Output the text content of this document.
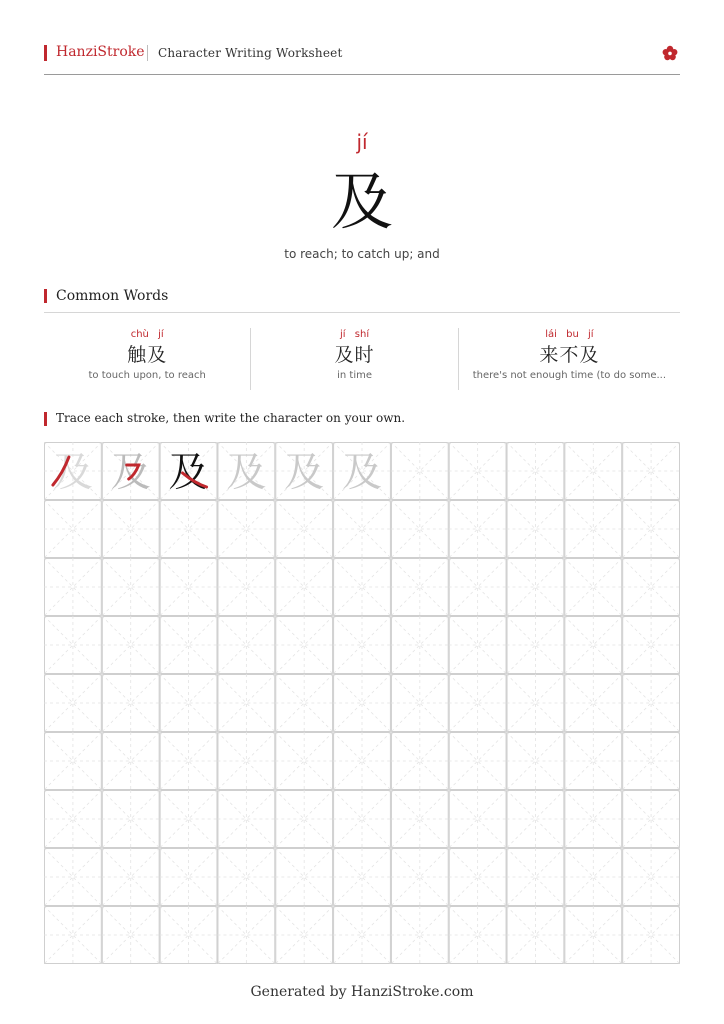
HanziStroke Character Writing Worksheet
jí
及
to reach; to catch up; and
Common Words
chù jí
触及
to touch upon, to reach
jí shí
及时
in time
lái bu jí
来不及
there's not enough time (to do some...
Trace each stroke, then write the character on your own.
及 及 及 及 及 及
Generated by HanziStroke.com
